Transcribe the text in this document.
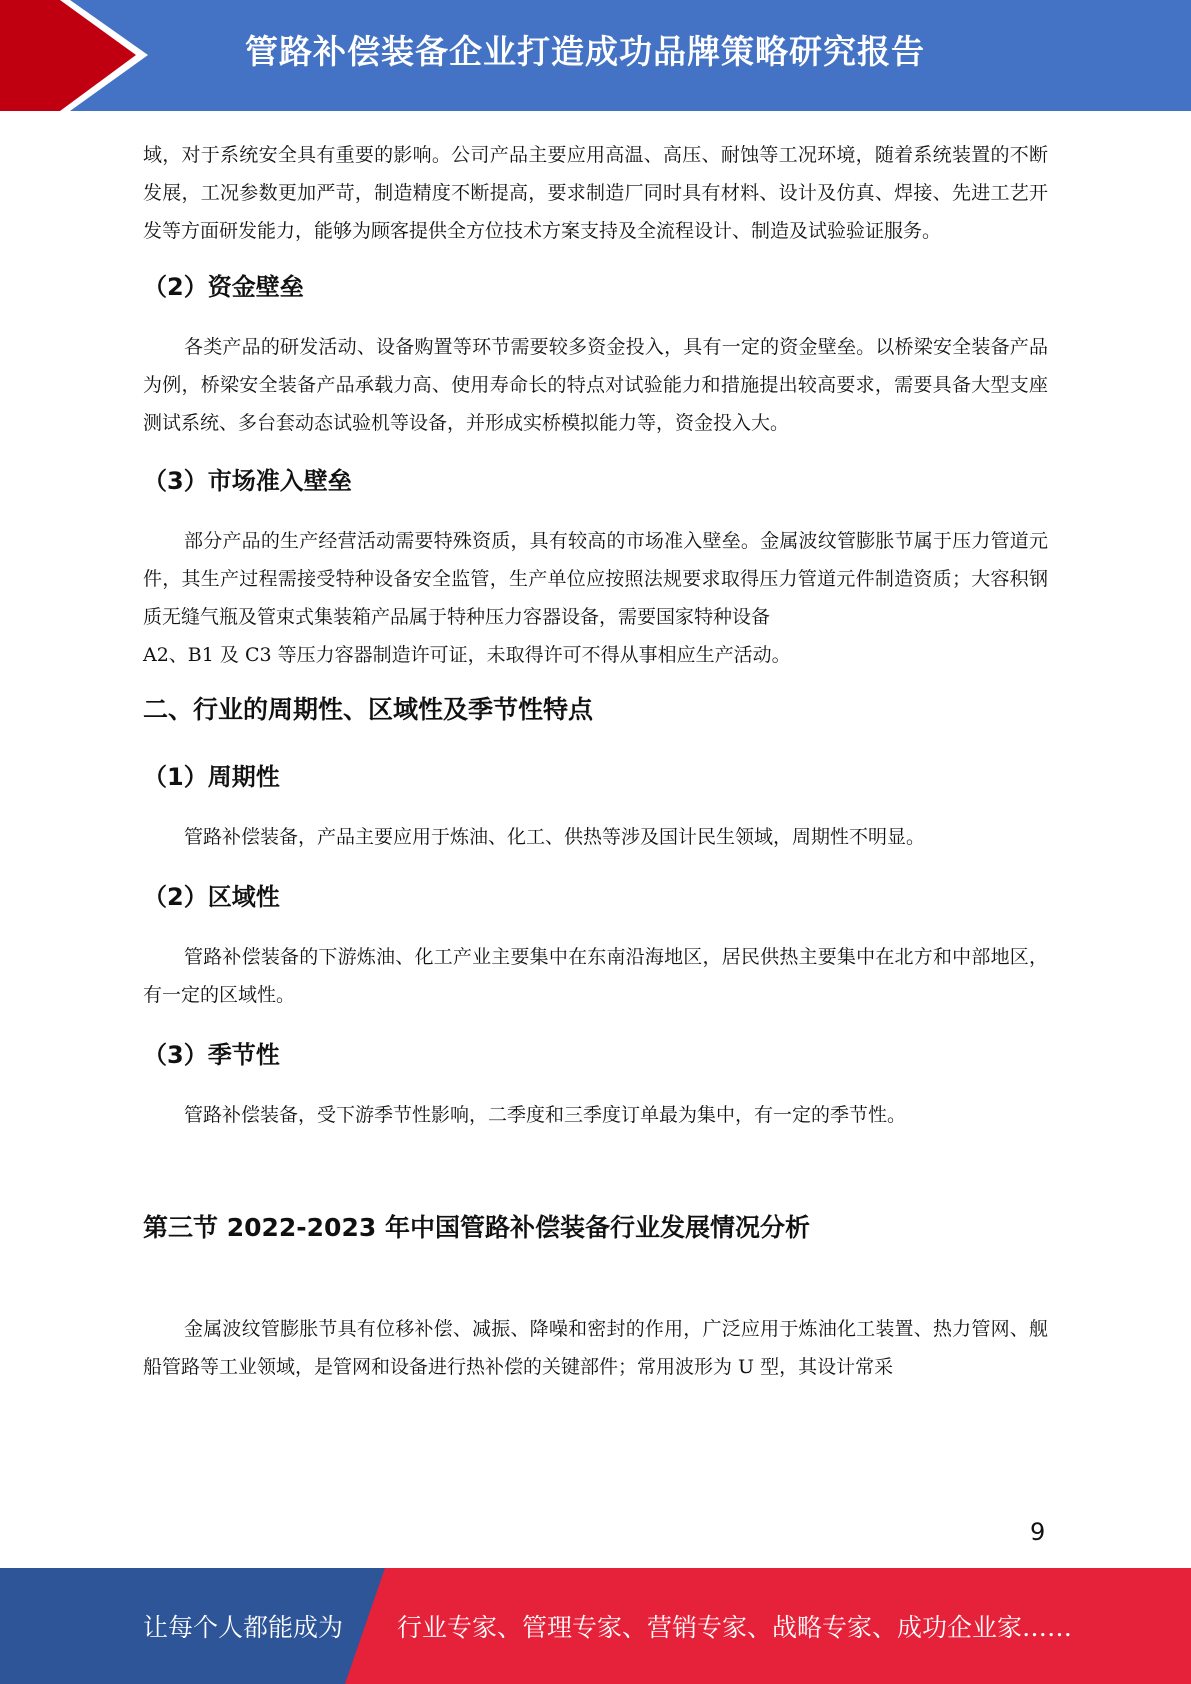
管路补偿装备企业打造成功品牌策略研究报告

域，对于系统安全具有重要的影响。公司产品主要应用高温、高压、耐蚀等工况环境，随着系统装置的不断发展，工况参数更加严苛，制造精度不断提高，要求制造厂同时具有材料、设计及仿真、焊接、先进工艺开发等方面研发能力，能够为顾客提供全方位技术方案支持及全流程设计、制造及试验验证服务。

（2）资金壁垒

各类产品的研发活动、设备购置等环节需要较多资金投入，具有一定的资金壁垒。以桥梁安全装备产品为例，桥梁安全装备产品承载力高、使用寿命长的特点对试验能力和措施提出较高要求，需要具备大型支座测试系统、多台套动态试验机等设备，并形成实桥模拟能力等，资金投入大。

（3）市场准入壁垒

部分产品的生产经营活动需要特殊资质，具有较高的市场准入壁垒。金属波纹管膨胀节属于压力管道元件，其生产过程需接受特种设备安全监管，生产单位应按照法规要求取得压力管道元件制造资质；大容积钢质无缝气瓶及管束式集装箱产品属于特种压力容器设备，需要国家特种设备
A2、B1 及 C3 等压力容器制造许可证，未取得许可不得从事相应生产活动。

二、行业的周期性、区域性及季节性特点
（1）周期性

管路补偿装备，产品主要应用于炼油、化工、供热等涉及国计民生领域，周期性不明显。

（2）区域性

管路补偿装备的下游炼油、化工产业主要集中在东南沿海地区，居民供热主要集中在北方和中部地区，有一定的区域性。

（3）季节性

管路补偿装备，受下游季节性影响，二季度和三季度订单最为集中，有一定的季节性。

第三节 2022-2023 年中国管路补偿装备行业发展情况分析

金属波纹管膨胀节具有位移补偿、减振、降噪和密封的作用，广泛应用于炼油化工装置、热力管网、舰船管路等工业领域，是管网和设备进行热补偿的关键部件；常用波形为 U 型，其设计常采

9
让每个人都能成为 行业专家、管理专家、营销专家、战略专家、成功企业家……
